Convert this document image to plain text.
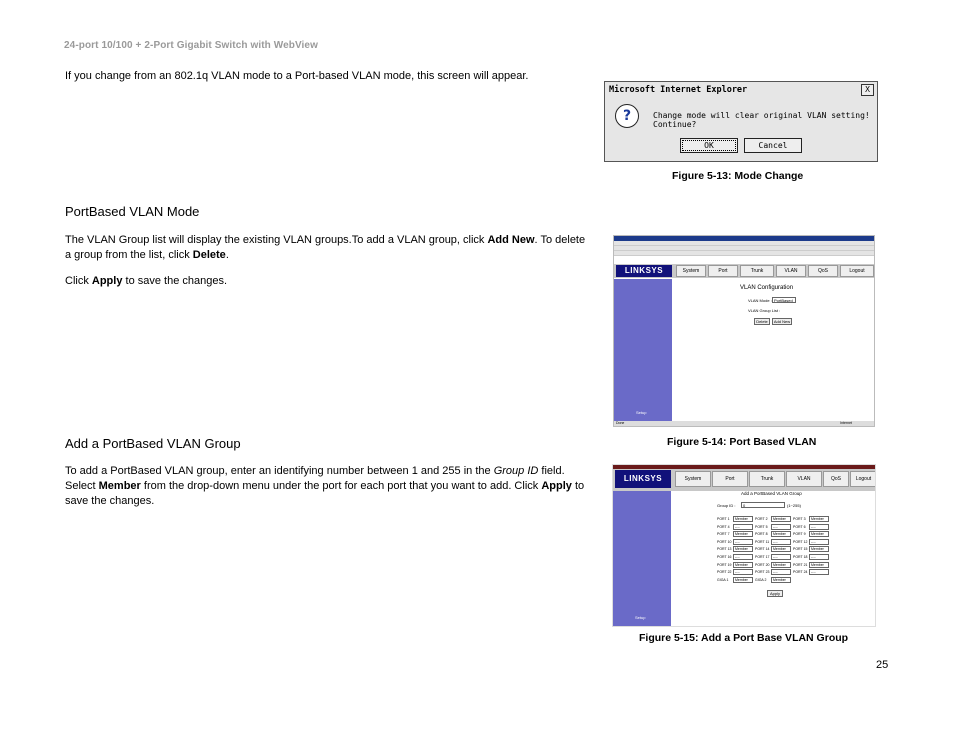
24-port 10/100 + 2-Port Gigabit Switch with WebView
If you change from an 802.1q VLAN mode to a Port-based VLAN mode, this screen will appear.
Microsoft Internet Explorer	X
?	Change mode will clear original VLAN setting! Continue?
OK	Cancel
Figure 5-13: Mode Change
PortBased VLAN Mode
The VLAN Group list will display the existing VLAN groups.To add a VLAN group, click Add New. To delete a group from the list, click Delete.
Click Apply to save the changes.
LINKSYS	System	Port	Trunk	VLAN	QoS	Logout
Setup
VLAN Configuration
VLAN Mode : PortBased
VLAN Group List :
Delete	Add New
Done	Internet
Figure 5-14: Port Based VLAN
Add a PortBased VLAN Group
To add a PortBased VLAN group, enter an identifying number between 1 and 255 in the Group ID field. Select Member from the drop-down menu under the port for each port that you want to add. Click Apply to save the changes.
LINKSYS	System	Port	Trunk	VLAN	QoS	Logout
Setup
Add a PortBased VLAN Group
Group ID :	0	(1~255)
PORT 1	Member	PORT 2	Member	PORT 3	Member
PORT 4	----	PORT 5	----	PORT 6	----
PORT 7	Member	PORT 8	Member	PORT 9	Member
PORT 10	----	PORT 11	----	PORT 12	----
PORT 13	Member	PORT 14	Member	PORT 15	Member
PORT 16	----	PORT 17	----	PORT 18	----
PORT 19	Member	PORT 20	Member	PORT 21	Member
PORT 22	----	PORT 23	----	PORT 24	----
GIGA 1	Member	GIGA 2	Member
Apply
Figure 5-15: Add a Port Base VLAN Group
25
